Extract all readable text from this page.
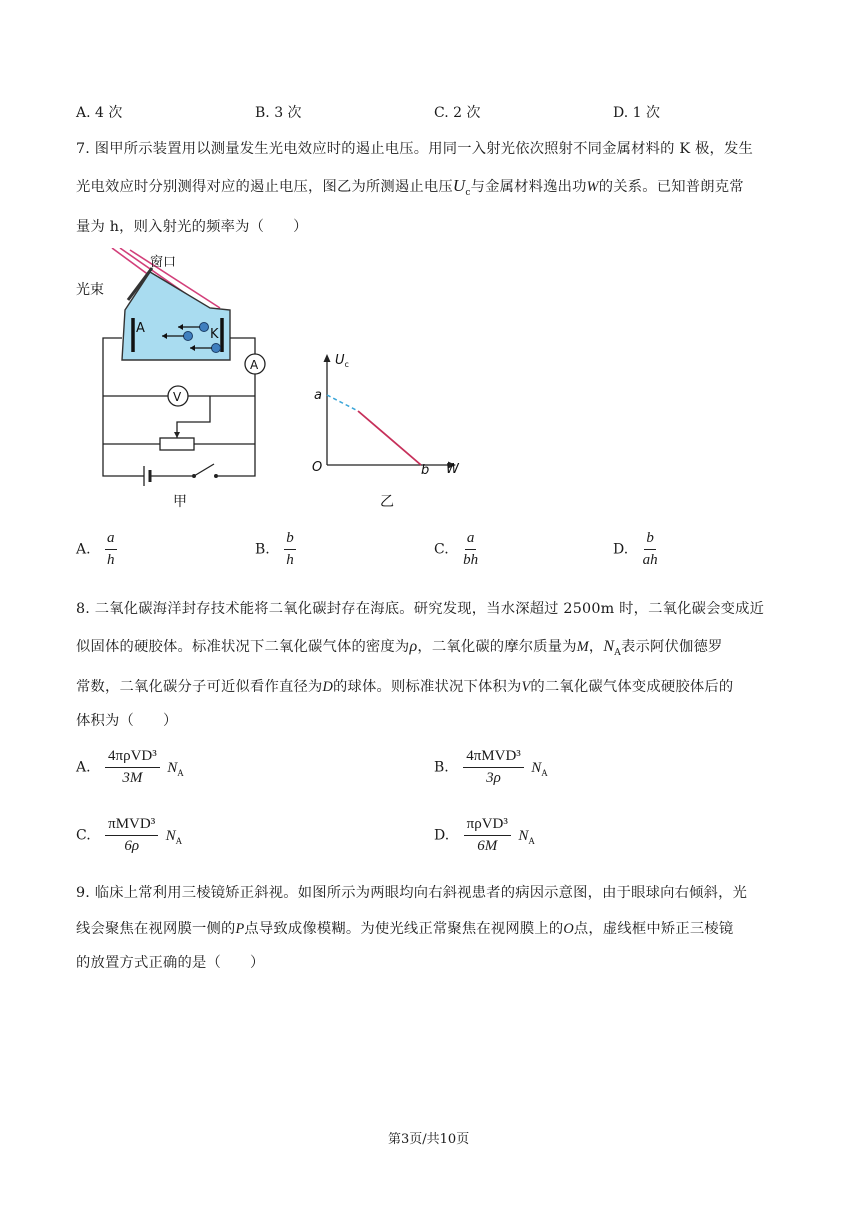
A. 4 次	B. 3 次	C. 2 次	D. 1 次
7. 图甲所示装置用以测量发生光电效应时的遏止电压。用同一入射光依次照射不同金属材料的 K 极，发生
光电效应时分别测得对应的遏止电压，图乙为所测遏止电压$U_c$与金属材料逸出功W的关系。已知普朗克常
量为 h，则入射光的频率为（　　）
窗口
光束
A	K
A
V
甲
$U_c$
a
O	b W
乙
A. $\frac{a}{h}$	B. $\frac{b}{h}$	C. $\frac{a}{bh}$	D. $\frac{b}{ah}$
8. 二氧化碳海洋封存技术能将二氧化碳封存在海底。研究发现，当水深超过 2500m 时，二氧化碳会变成近
似固体的硬胶体。标准状况下二氧化碳气体的密度为ρ，二氧化碳的摩尔质量为M，$N_A$表示阿伏伽德罗
常数，二氧化碳分子可近似看作直径为D的球体。则标准状况下体积为V的二氧化碳气体变成硬胶体后的
体积为（　　）
A. $\frac{\text{4πρVD³}}{3M} N_A$	B. $\frac{\text{4πMVD³}}{3\rho} N_A$
C. $\frac{\text{πMVD³}}{6\rho} N_A$	D. $\frac{\text{πρVD³}}{6M} N_A$
9. 临床上常利用三棱镜矫正斜视。如图所示为两眼均向右斜视患者的病因示意图，由于眼球向右倾斜，光
线会聚焦在视网膜一侧的P点导致成像模糊。为使光线正常聚焦在视网膜上的O点，虚线框中矫正三棱镜
的放置方式正确的是（　　）
第3页/共10页
